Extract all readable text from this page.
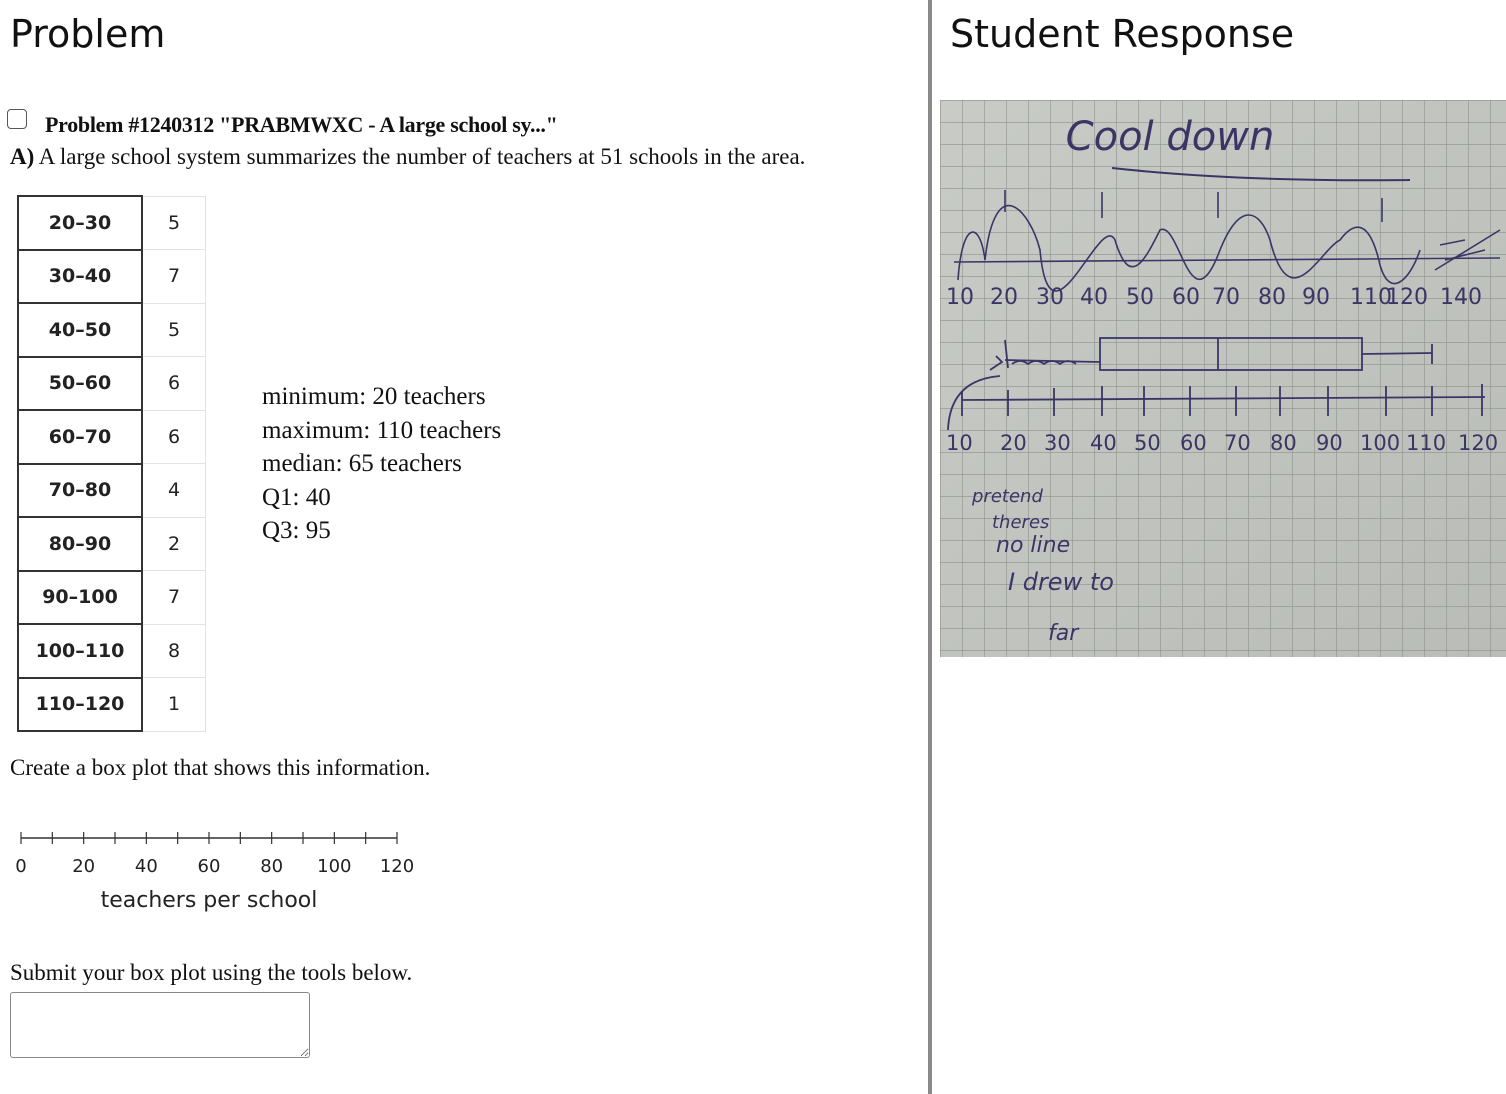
Problem
Problem #1240312 "PRABMWXC - A large school sy..."
A) A large school system summarizes the number of teachers at 51 schools in the area.
20–30	5
30–40	7
40–50	5
50–60	6
60–70	6
70–80	4
80–90	2
90–100	7
100–110	8
110–120	1
minimum: 20 teachers
maximum: 110 teachers
median: 65 teachers
Q1: 40
Q3: 95
Create a box plot that shows this information.
0	20 40 60 80 100 120
teachers per school
Submit your box plot using the tools below.
Student Response
Cool down
10 20 30 40 50 60 70 80 90 110
120 140
10 20 30 40 50 60 70 80 90 100 110 120
pretend
theres
no line
I drew to
far
